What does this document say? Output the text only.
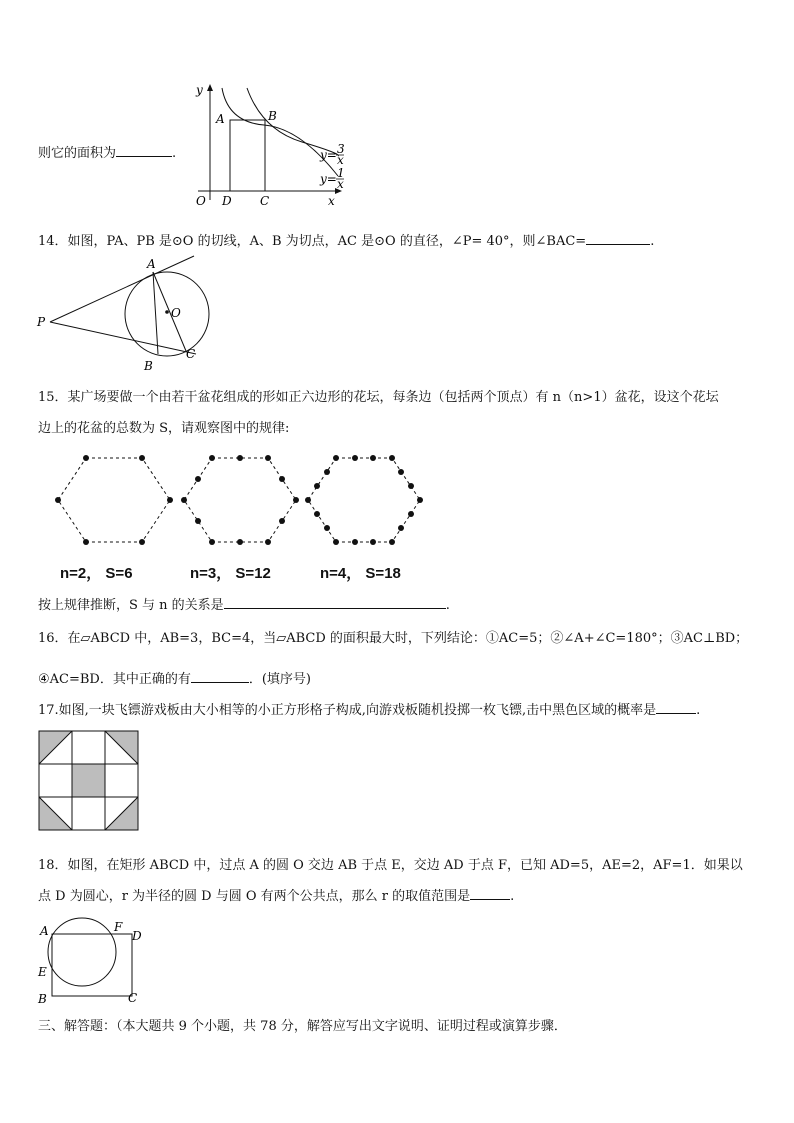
则它的面积为	.
y
x
O
A	B
C
D
y= 3
x
y= 1
x
14．如图，PA、PB 是⊙O 的切线，A、B 为切点，AC 是⊙O 的直径，∠P= 40°，则∠BAC=	.
P
A
B
C
O
15．某广场要做一个由若干盆花组成的形如正六边形的花坛，每条边（包括两个顶点）有 n（n>1）盆花，设这个花坛
边上的花盆的总数为 S，请观察图中的规律:
n=2， S=6	n=3， S=12	n=4， S=18
按上规律推断，S 与 n 的关系是	.
16．在▱ABCD 中，AB=3，BC=4，当▱ABCD 的面积最大时，下列结论：①AC=5；②∠A+∠C=180°；③AC⊥BD；
④AC=BD．其中正确的有	．(填序号)
17.如图,一块飞镖游戏板由大小相等的小正方形格子构成,向游戏板随机投掷一枚飞镖,击中黑色区域的概率是	.
18．如图，在矩形 ABCD 中，过点 A 的圆 O 交边 AB 于点 E，交边 AD 于点 F，已知 AD=5，AE=2，AF=1．如果以
点 D 为圆心，r 为半径的圆 D 与圆 O 有两个公共点，那么 r 的取值范围是	.
A
B	C
D
E
F
三、解答题：（本大题共 9 个小题，共 78 分，解答应写出文字说明、证明过程或演算步骤．
